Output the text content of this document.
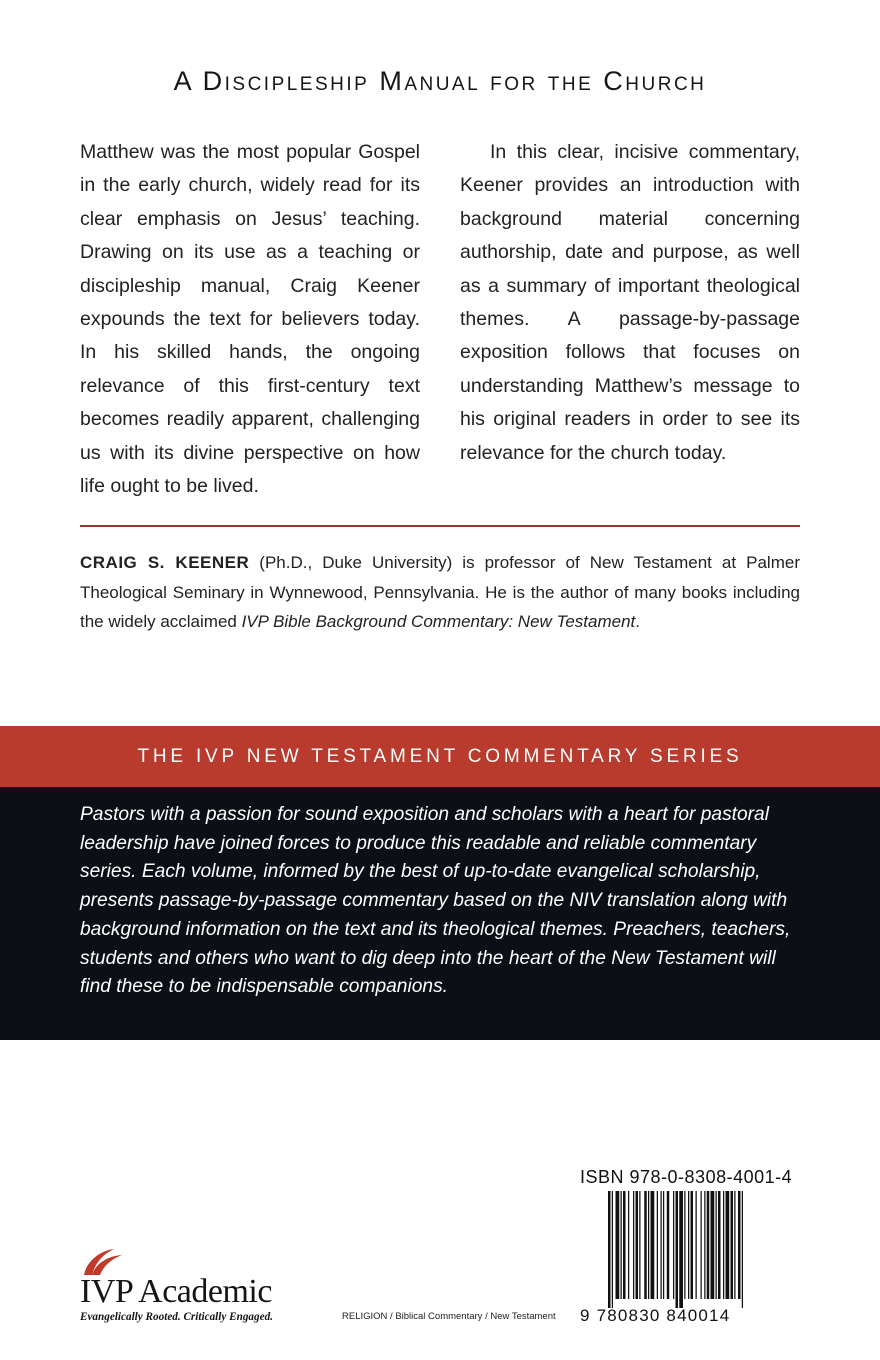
A Discipleship Manual for the Church
Matthew was the most popular Gospel in the early church, widely read for its clear emphasis on Jesus’ teaching. Drawing on its use as a teaching or discipleship manual, Craig Keener expounds the text for believers today. In his skilled hands, the ongoing relevance of this first-century text becomes readily apparent, challenging us with its divine perspective on how life ought to be lived.
In this clear, incisive commentary, Keener provides an introduction with background material concerning authorship, date and purpose, as well as a summary of important theological themes. A passage-by-passage exposition follows that focuses on understanding Matthew’s message to his original readers in order to see its relevance for the church today.
CRAIG S. KEENER (Ph.D., Duke University) is professor of New Testament at Palmer Theological Seminary in Wynnewood, Pennsylvania. He is the author of many books including the widely acclaimed IVP Bible Background Commentary: New Testament.
THE IVP NEW TESTAMENT COMMENTARY SERIES
Pastors with a passion for sound exposition and scholars with a heart for pastoral leadership have joined forces to produce this readable and reliable commentary series. Each volume, informed by the best of up-to-date evangelical scholarship, presents passage-by-passage commentary based on the NIV translation along with background information on the text and its theological themes. Preachers, teachers, students and others who want to dig deep into the heart of the New Testament will find these to be indispensable companions.
IVP Academic
Evangelically Rooted. Critically Engaged.	RELIGION / Biblical Commentary / New Testament
ISBN 978-0-8308-4001-4
9 780830 840014
